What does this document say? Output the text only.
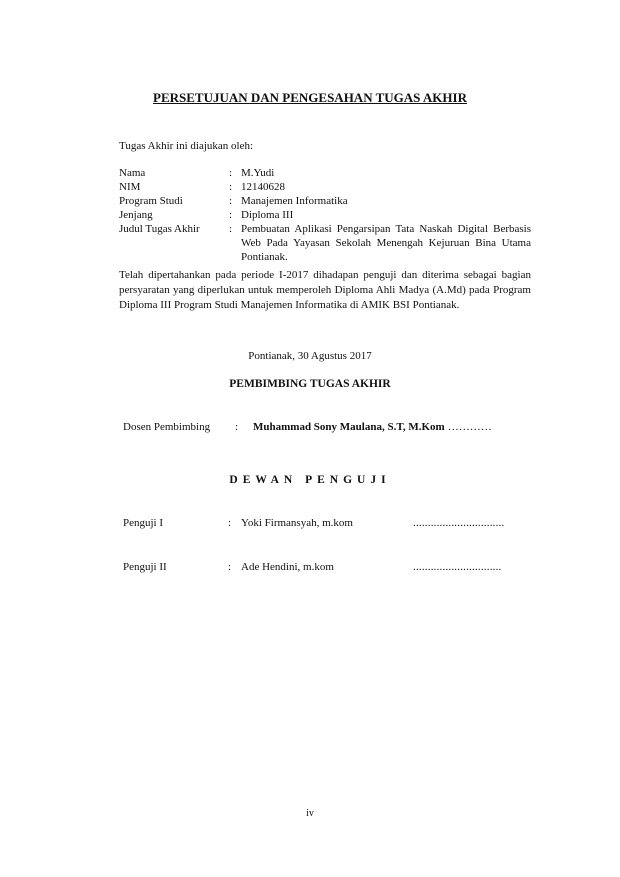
PERSETUJUAN DAN PENGESAHAN TUGAS AKHIR
Tugas Akhir ini diajukan oleh:
Nama	: M.Yudi
NIM	: 12140628
Program Studi	: Manajemen Informatika
Jenjang	: Diploma III
Judul Tugas Akhir	: Pembuatan Aplikasi Pengarsipan Tata Naskah Digital Berbasis Web Pada Yayasan Sekolah Menengah Kejuruan Bina Utama Pontianak.
Telah dipertahankan pada periode I-2017 dihadapan penguji dan diterima sebagai bagian persyaratan yang diperlukan untuk memperoleh Diploma Ahli Madya (A.Md) pada Program Diploma III Program Studi Manajemen Informatika di AMIK BSI Pontianak.
Pontianak, 30 Agustus 2017
PEMBIMBING TUGAS AKHIR
Dosen Pembimbing	:	Muhammad Sony Maulana, S.T, M.Kom …………
DEWAN PENGUJI
Penguji I	: Yoki Firmansyah, m.kom	...............................
Penguji II	: Ade Hendini, m.kom	..............................
iv
